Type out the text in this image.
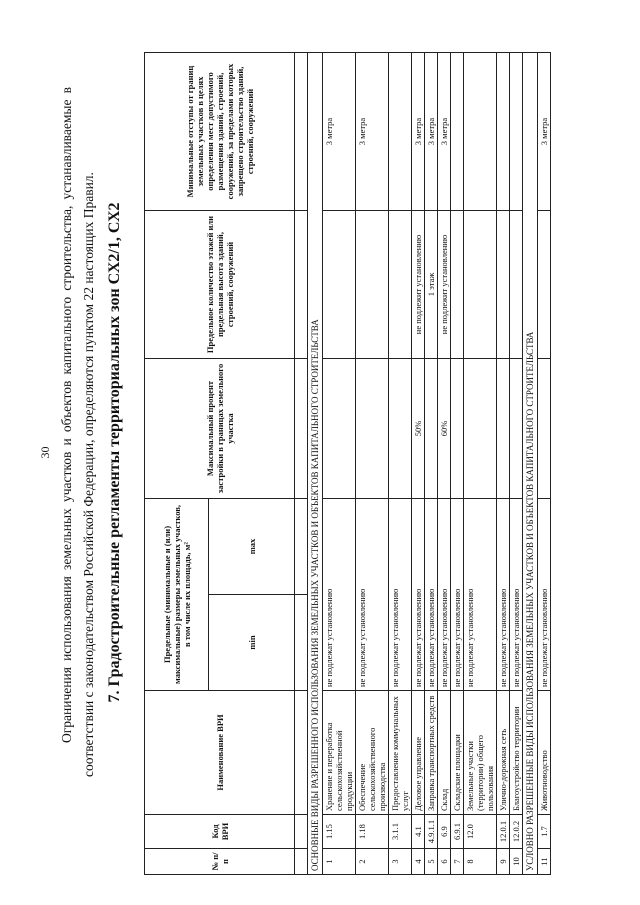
30 Ограничения использования земельных участков и объектов капитального строительства, устанавливаемые в соответствии с законодательством Российской Федерации, определяются пунктом 22 настоящих Правил. 7. Градостроительные регламенты территориальных зон СХ2/1, СХ2
№ п/п	Код ВРИ	Наименование ВРИ	Предельные (минимальные и (или) максимальные) размеры земельных участков, в том числе их площадь, м²		Максимальный процент застройки в границах земельного участка	Предельное количество этажей или предельная высота зданий, строений, сооружений	Минимальные отступы от границ земельных участков в целях определения мест допустимого размещения зданий, строений, сооружений, за пределами которых запрещено строительство зданий, строений, сооружений
			min	max			

ОСНОВНЫЕ ВИДЫ РАЗРЕШЕННОГО ИСПОЛЬЗОВАНИЯ ЗЕМЕЛЬНЫХ УЧАСТКОВ И ОБЪЕКТОВ КАПИТАЛЬНОГО СТРОИТЕЛЬСТВА							
1	1.15	Хранение и переработка сельскохозяйственной продукции	не подлежат установлению				3 метра
2	1.18	Обеспечение сельскохозяйственного производства	не подлежат установлению				3 метра
3	3.1.1	Предоставление коммунальных услуг	не подлежат установлению				
4	4.1	Деловое управление	не подлежат установлению		50%	не подлежит установлению	3 метра
5	4.9.1.1	Заправка транспортных средств	не подлежат установлению			1 этаж	3 метра
6	6.9	Склад	не подлежат установлению		60%	не подлежит установлению	3 метра
7	6.9.1	Складские площадки	не подлежат установлению				
8	12.0	Земельные участки (территории) общего пользования	не подлежат установлению				
9	12.0.1	Улично-дорожная сеть	не подлежат установлению				
10	12.0.2	Благоустройство территории	не подлежат установлению				
УСЛОВНО РАЗРЕШЕННЫЕ ВИДЫ ИСПОЛЬЗОВАНИЯ ЗЕМЕЛЬНЫХ УЧАСТКОВ И ОБЪЕКТОВ КАПИТАЛЬНОГО СТРОИТЕЛЬСТВА							
11	1.7	Животноводство	не подлежат установлению				3 метра
